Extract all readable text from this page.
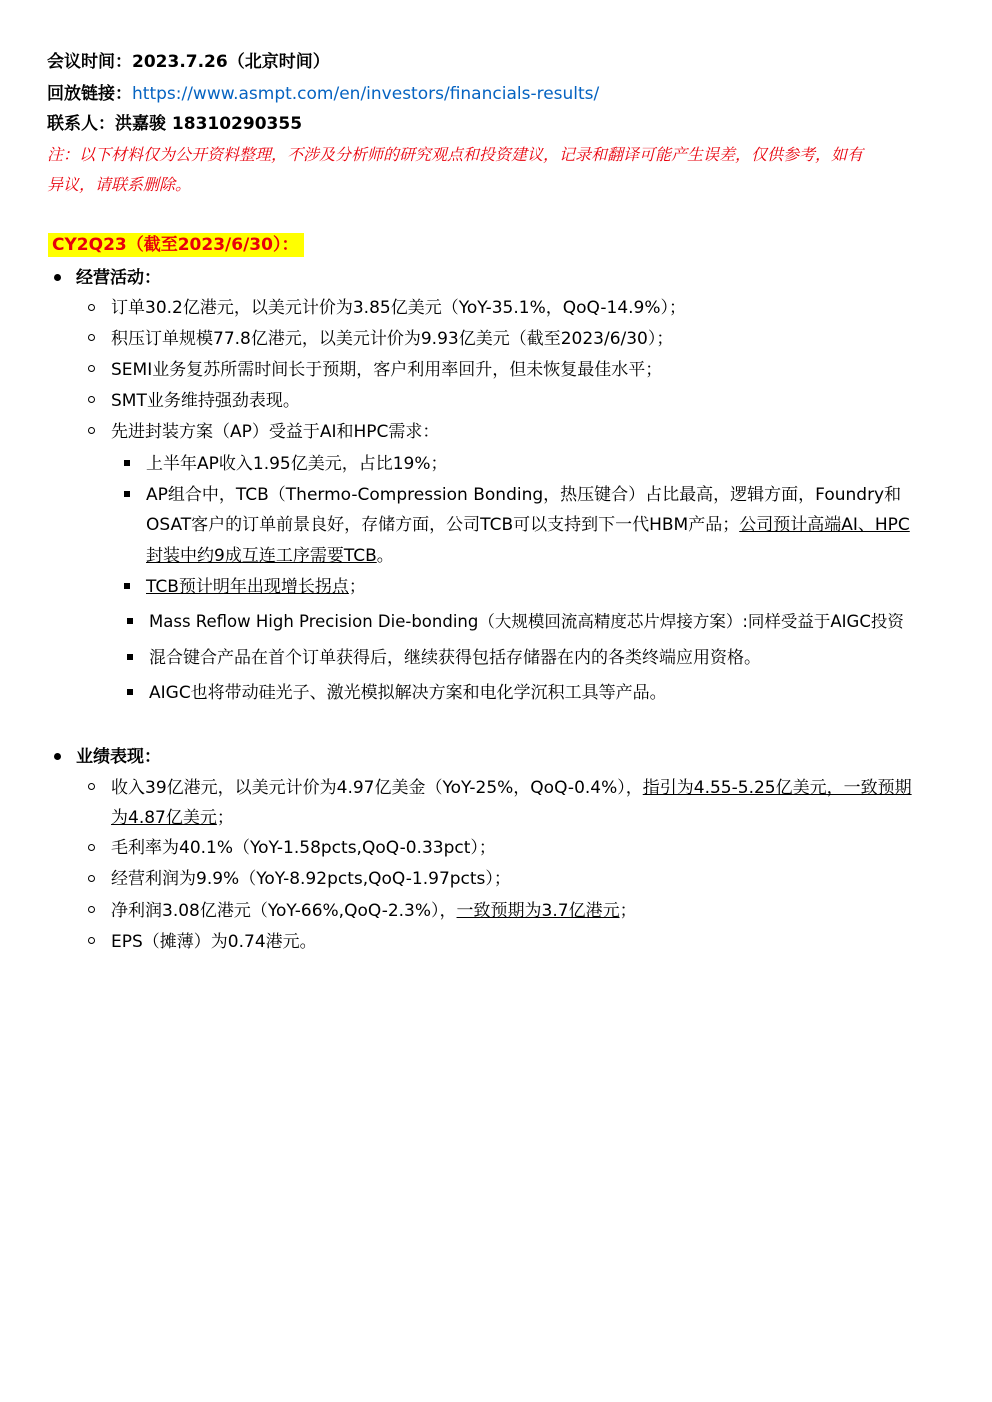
会议时间：2023.7.26（北京时间）
回放链接：https://www.asmpt.com/en/investors/financials-results/
联系人：洪嘉骏 18310290355
注：以下材料仅为公开资料整理，不涉及分析师的研究观点和投资建议，记录和翻译可能产生误差，仅供参考，如有
异议，请联系删除。
CY2Q23（截至2023/6/30）：
经营活动：
订单30.2亿港元，以美元计价为3.85亿美元（YoY-35.1%，QoQ-14.9%）；
积压订单规模77.8亿港元，以美元计价为9.93亿美元（截至2023/6/30）；
SEMI业务复苏所需时间长于预期，客户利用率回升，但未恢复最佳水平；
SMT业务维持强劲表现。
先进封装方案（AP）受益于AI和HPC需求：
上半年AP收入1.95亿美元，占比19%；
AP组合中，TCB（Thermo-Compression Bonding，热压键合）占比最高，逻辑方面，Foundry和
OSAT客户的订单前景良好，存储方面，公司TCB可以支持到下一代HBM产品；公司预计高端AI、HPC
封装中约9成互连工序需要TCB。
TCB预计明年出现增长拐点；
Mass Reflow High Precision Die-bonding（大规模回流高精度芯片焊接方案）:同样受益于AIGC投资
混合键合产品在首个订单获得后，继续获得包括存储器在内的各类终端应用资格。
AIGC也将带动硅光子、激光模拟解决方案和电化学沉积工具等产品。
业绩表现：
收入39亿港元，以美元计价为4.97亿美金（YoY-25%，QoQ-0.4%），指引为4.55-5.25亿美元，一致预期
为4.87亿美元；
毛利率为40.1%（YoY-1.58pcts,QoQ-0.33pct）；
经营利润为9.9%（YoY-8.92pcts,QoQ-1.97pcts）；
净利润3.08亿港元（YoY-66%,QoQ-2.3%），一致预期为3.7亿港元；
EPS（摊薄）为0.74港元。
